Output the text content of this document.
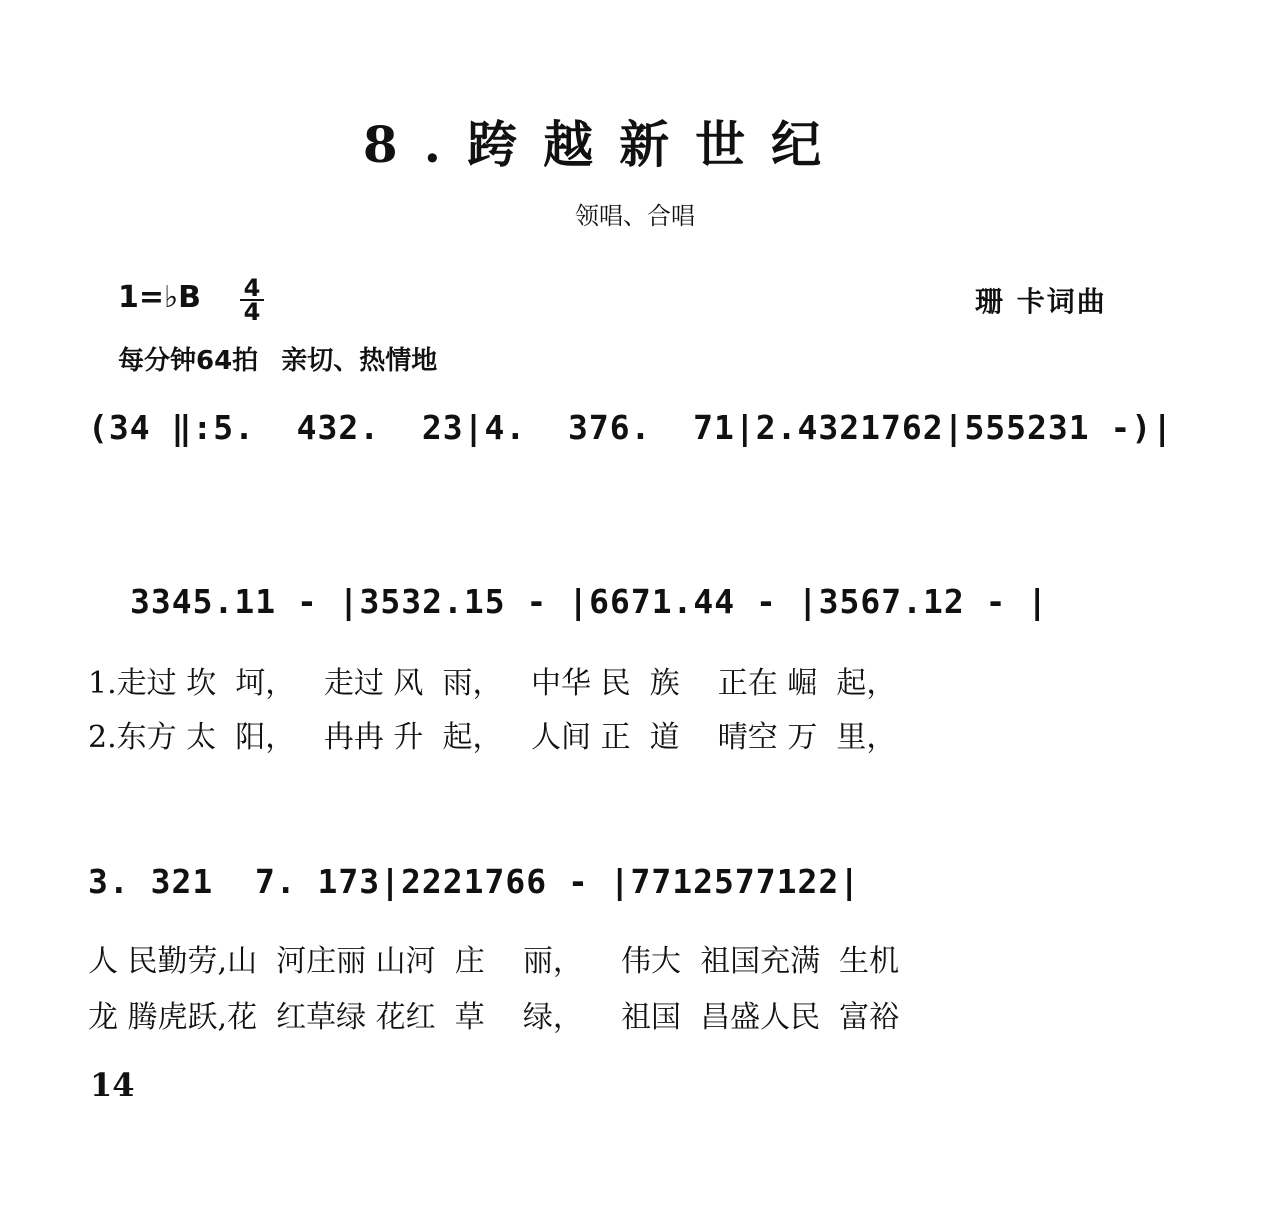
8.跨越新世纪
领唱、合唱
1=♭B 4
4	珊 卡词曲
每分钟64拍 亲切、热情地
(34 ‖:5.  432.  23|4.  376.  71|2.4321762|555231 -)|
3345.11 - |3532.15 - |6671.44 - |3567.12 - |
1.走过 坎  坷，   走过 风  雨，   中华 民  族    正在 崛  起，
2.东方 太  阳，   冉冉 升  起，   人间 正  道    晴空 万  里，
3. 321  7. 173|2221766 - |7712577122|
人 民勤劳,山  河庄丽 山河  庄    丽，    伟大  祖国充满  生机
龙 腾虎跃,花  红草绿 花红  草    绿，    祖国  昌盛人民  富裕
14
